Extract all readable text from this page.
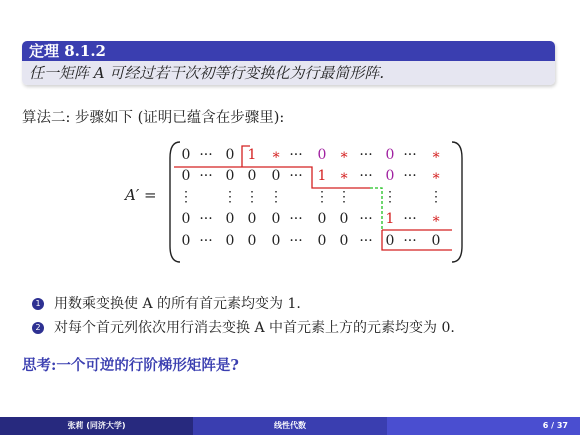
定理 8.1.2
任一矩阵 A 可经过若干次初等行变换化为行最简形阵.
算法二: 步骤如下 (证明已蕴含在步骤里):
A′ =
0 ··· 0 1 ∗ ··· 0 ∗ ··· 0 ··· ∗
0 ··· 0 0 0 ··· 1 ∗ ··· 0 ··· ∗
⋮ ⋮ ⋮ ⋮ ⋮ ⋮ ⋮ ⋮
0 ··· 0 0 0 ··· 0 0 ··· 1 ··· ∗
0 ··· 0 0 0 ··· 0 0 ··· 0 ··· 0
1 用数乘变换使 A 的所有首元素均变为 1.
2 对每个首元列依次用行消去变换 A 中首元素上方的元素均变为 0.
思考:一个可逆的行阶梯形矩阵是?
张莉 (同济大学)	线性代数	6 / 37
